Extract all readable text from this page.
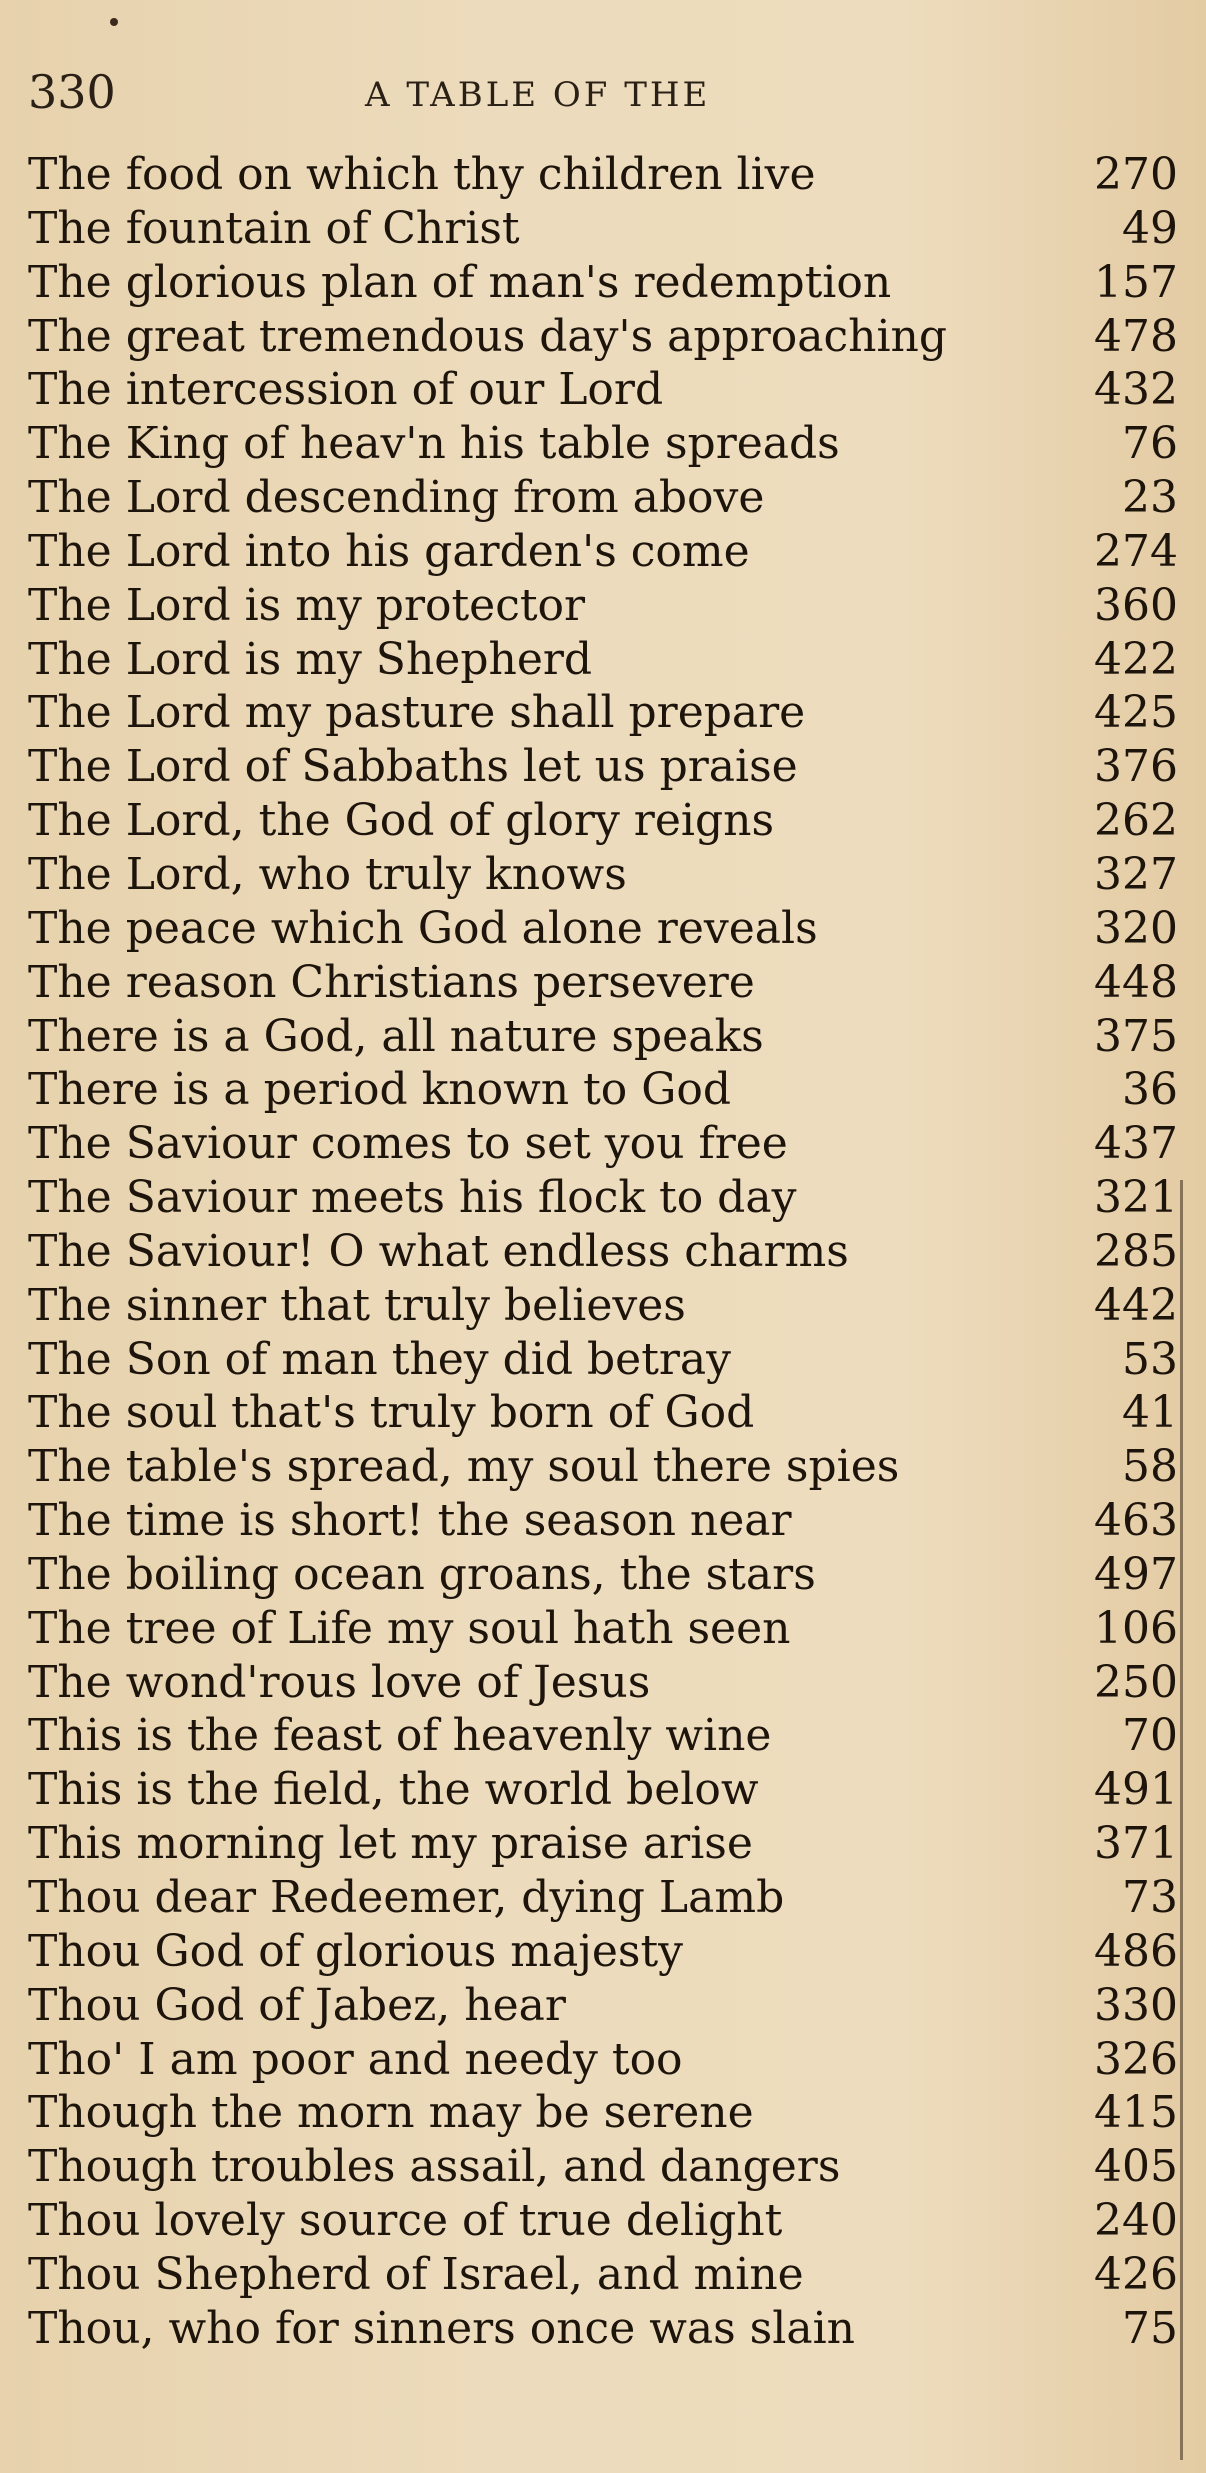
330	A TABLE OF THE
The food on which thy children live	270
The fountain of Christ	49
The glorious plan of man's redemption	157
The great tremendous day's approaching	478
The intercession of our Lord	432
The King of heav'n his table spreads	76
The Lord descending from above	23
The Lord into his garden's come	274
The Lord is my protector	360
The Lord is my Shepherd	422
The Lord my pasture shall prepare	425
The Lord of Sabbaths let us praise	376
The Lord, the God of glory reigns	262
The Lord, who truly knows	327
The peace which God alone reveals	320
The reason Christians persevere	448
There is a God, all nature speaks	375
There is a period known to God	36
The Saviour comes to set you free	437
The Saviour meets his flock to day	321
The Saviour! O what endless charms	285
The sinner that truly believes	442
The Son of man they did betray	53
The soul that's truly born of God	41
The table's spread, my soul there spies	58
The time is short! the season near	463
The boiling ocean groans, the stars	497
The tree of Life my soul hath seen	106
The wond'rous love of Jesus	250
This is the feast of heavenly wine	70
This is the field, the world below	491
This morning let my praise arise	371
Thou dear Redeemer, dying Lamb	73
Thou God of glorious majesty	486
Thou God of Jabez, hear	330
Tho' I am poor and needy too	326
Though the morn may be serene	415
Though troubles assail, and dangers	405
Thou lovely source of true delight	240
Thou Shepherd of Israel, and mine	426
Thou, who for sinners once was slain	75
